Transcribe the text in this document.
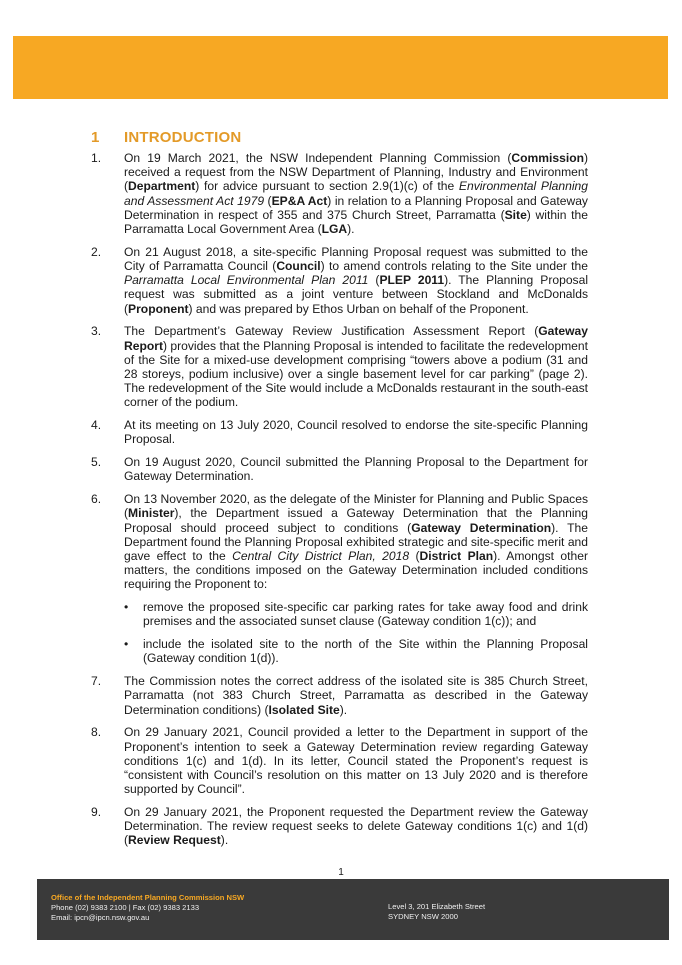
1	INTRODUCTION
1.	On 19 March 2021, the NSW Independent Planning Commission (Commission) received a request from the NSW Department of Planning, Industry and Environment (Department) for advice pursuant to section 2.9(1)(c) of the Environmental Planning and Assessment Act 1979 (EP&A Act) in relation to a Planning Proposal and Gateway Determination in respect of 355 and 375 Church Street, Parramatta (Site) within the Parramatta Local Government Area (LGA).
2.	On 21 August 2018, a site-specific Planning Proposal request was submitted to the City of Parramatta Council (Council) to amend controls relating to the Site under the Parramatta Local Environmental Plan 2011 (PLEP 2011). The Planning Proposal request was submitted as a joint venture between Stockland and McDonalds (Proponent) and was prepared by Ethos Urban on behalf of the Proponent.
3.	The Department’s Gateway Review Justification Assessment Report (Gateway Report) provides that the Planning Proposal is intended to facilitate the redevelopment of the Site for a mixed-use development comprising “towers above a podium (31 and 28 storeys, podium inclusive) over a single basement level for car parking” (page 2). The redevelopment of the Site would include a McDonalds restaurant in the south-east corner of the podium.
4.	At its meeting on 13 July 2020, Council resolved to endorse the site-specific Planning Proposal.
5.	On 19 August 2020, Council submitted the Planning Proposal to the Department for Gateway Determination.
6.	On 13 November 2020, as the delegate of the Minister for Planning and Public Spaces (Minister), the Department issued a Gateway Determination that the Planning Proposal should proceed subject to conditions (Gateway Determination). The Department found the Planning Proposal exhibited strategic and site-specific merit and gave effect to the Central City District Plan, 2018 (District Plan). Amongst other matters, the conditions imposed on the Gateway Determination included conditions requiring the Proponent to:
•	remove the proposed site-specific car parking rates for take away food and drink premises and the associated sunset clause (Gateway condition 1(c)); and
•	include the isolated site to the north of the Site within the Planning Proposal (Gateway condition 1(d)).
7.	The Commission notes the correct address of the isolated site is 385 Church Street, Parramatta (not 383 Church Street, Parramatta as described in the Gateway Determination conditions) (Isolated Site).
8.	On 29 January 2021, Council provided a letter to the Department in support of the Proponent’s intention to seek a Gateway Determination review regarding Gateway conditions 1(c) and 1(d). In its letter, Council stated the Proponent’s request is “consistent with Council’s resolution on this matter on 13 July 2020 and is therefore supported by Council”.
9.	On 29 January 2021, the Proponent requested the Department review the Gateway Determination. The review request seeks to delete Gateway conditions 1(c) and 1(d) (Review Request).
1
Office of the Independent Planning Commission NSW
Phone (02) 9383 2100 | Fax (02) 9383 2133
Email: ipcn@ipcn.nsw.gov.au
Level 3, 201 Elizabeth Street
SYDNEY NSW 2000
